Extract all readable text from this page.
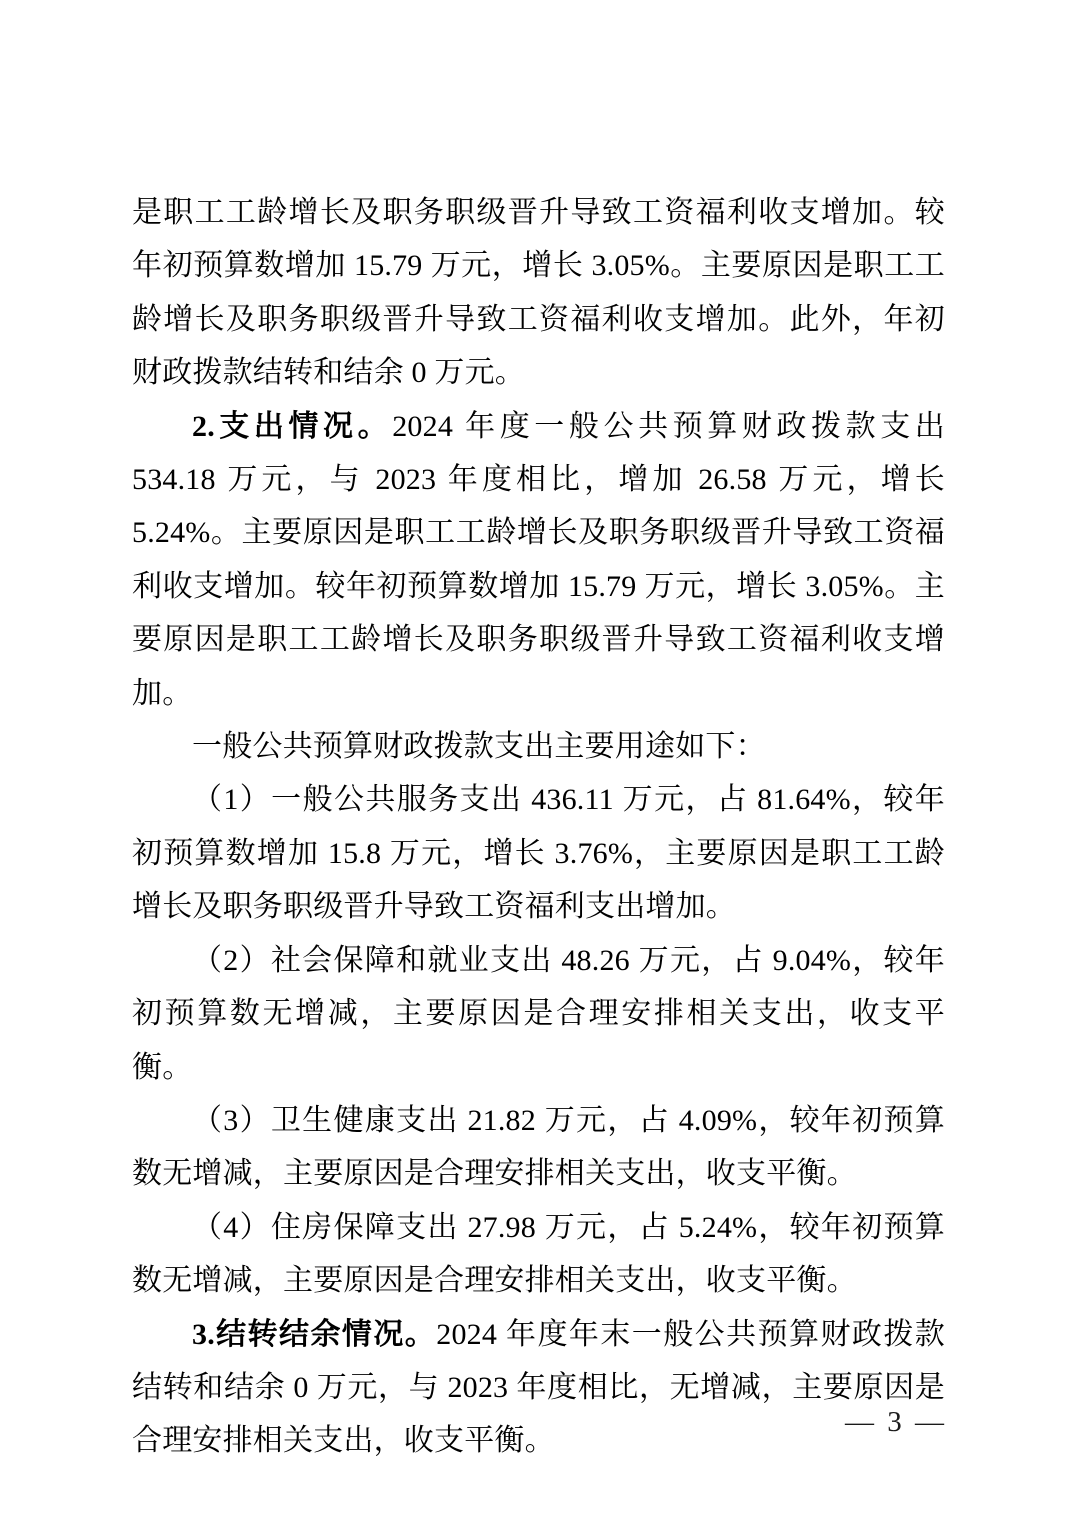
是职工工龄增长及职务职级晋升导致工资福利收支增加。较年初预算数增加 15.79 万元，增长 3.05%。主要原因是职工工龄增长及职务职级晋升导致工资福利收支增加。此外，年初财政拨款结转和结余 0 万元。

2.支出情况。2024 年度一般公共预算财政拨款支出 534.18 万元，与 2023 年度相比，增加 26.58 万元，增长 5.24%。主要原因是职工工龄增长及职务职级晋升导致工资福利收支增加。较年初预算数增加 15.79 万元，增长 3.05%。主要原因是职工工龄增长及职务职级晋升导致工资福利收支增加。

一般公共预算财政拨款支出主要用途如下：

（1）一般公共服务支出 436.11 万元，占 81.64%，较年初预算数增加 15.8 万元，增长 3.76%，主要原因是职工工龄增长及职务职级晋升导致工资福利支出增加。

（2）社会保障和就业支出 48.26 万元，占 9.04%，较年初预算数无增减，主要原因是合理安排相关支出，收支平衡。

（3）卫生健康支出 21.82 万元，占 4.09%，较年初预算数无增减，主要原因是合理安排相关支出，收支平衡。

（4）住房保障支出 27.98 万元，占 5.24%，较年初预算数无增减，主要原因是合理安排相关支出，收支平衡。

3.结转结余情况。2024 年度年末一般公共预算财政拨款结转和结余 0 万元，与 2023 年度相比，无增减，主要原因是合理安排相关支出，收支平衡。

— 3 —
